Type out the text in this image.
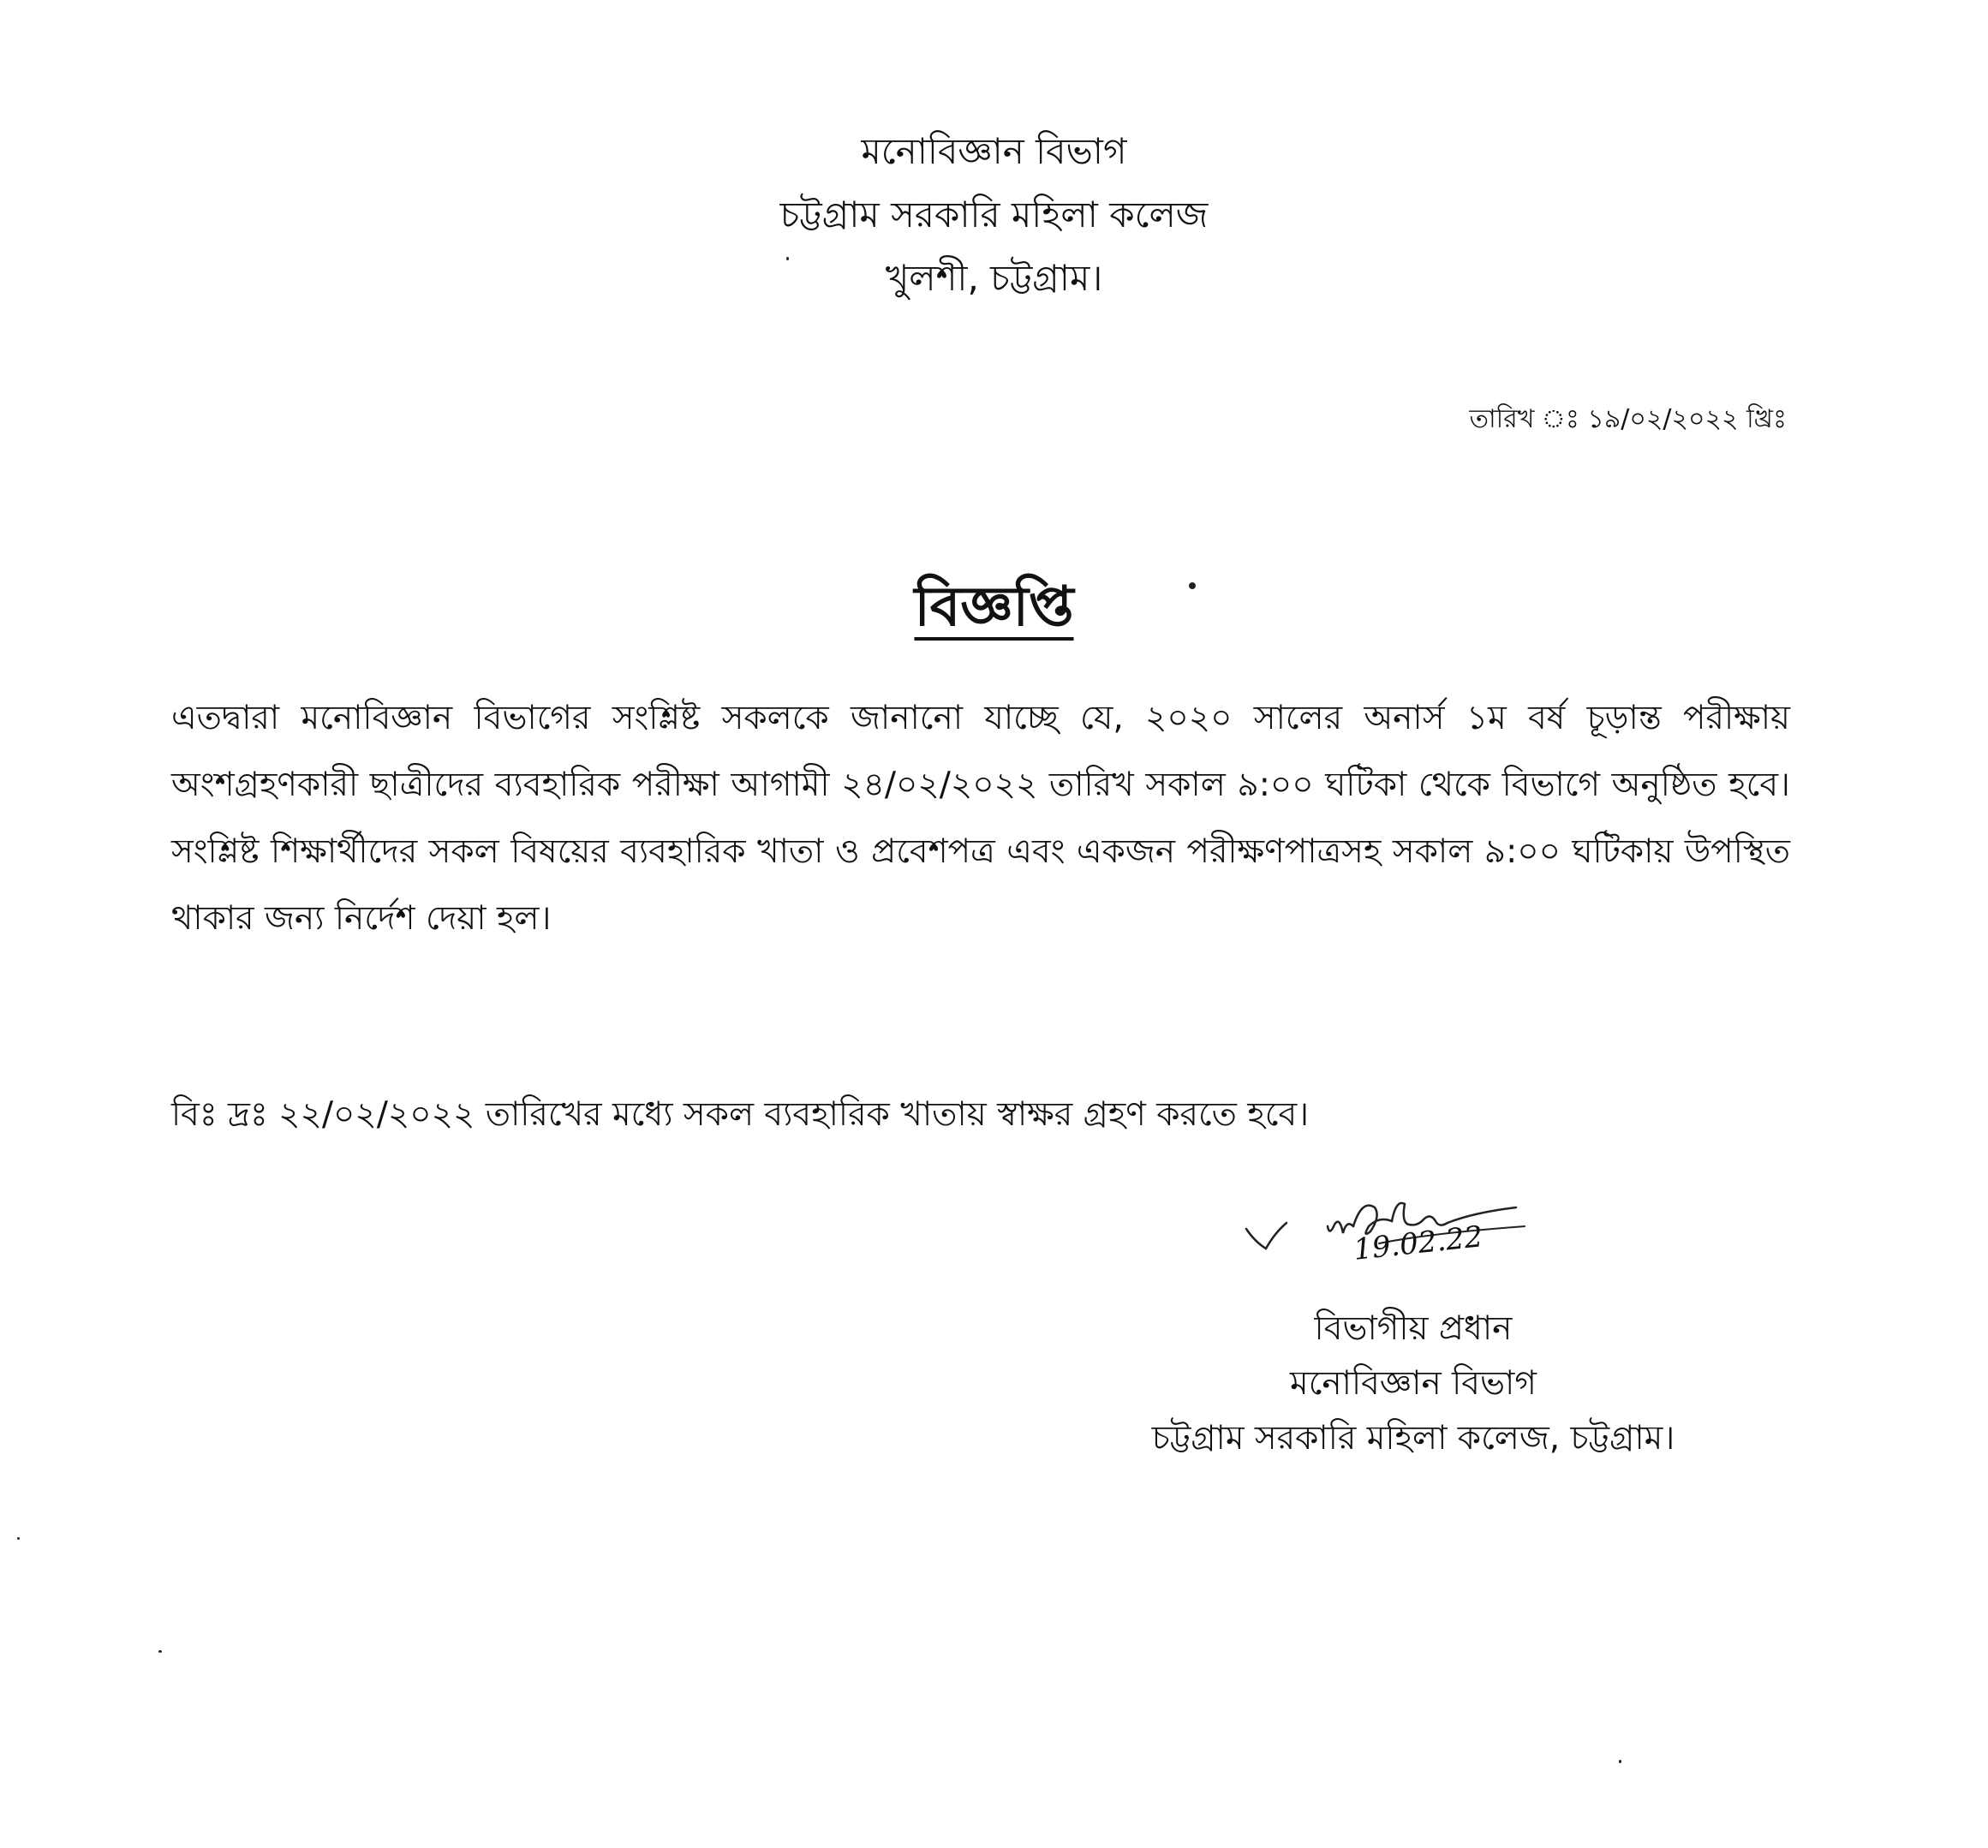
মনোবিজ্ঞান বিভাগ
চট্টগ্রাম সরকারি মহিলা কলেজ
খুলশী, চট্টগ্রাম।
তারিখ ঃ ১৯/০২/২০২২ খ্রিঃ
বিজ্ঞপ্তি
এতদ্বারা মনোবিজ্ঞান বিভাগের সংশ্লিষ্ট সকলকে জানানো যাচ্ছে যে, ২০২০ সালের অনার্স ১ম বর্ষ চূড়ান্ত পরীক্ষায় অংশগ্রহণকারী ছাত্রীদের ব্যবহারিক পরীক্ষা আগামী ২৪/০২/২০২২ তারিখ সকাল ৯:০০ ঘটিকা থেকে বিভাগে অনুষ্ঠিত হবে। সংশ্লিষ্ট শিক্ষার্থীদের সকল বিষয়ের ব্যবহারিক খাতা ও প্রবেশপত্র এবং একজন পরীক্ষণপাত্রসহ সকাল ৯:০০ ঘটিকায় উপস্থিত থাকার জন্য নির্দেশ দেয়া হল।
বিঃ দ্রঃ ২২/০২/২০২২ তারিখের মধ্যে সকল ব্যবহারিক খাতায় স্বাক্ষর গ্রহণ করতে হবে।
19.02.22
বিভাগীয় প্রধান
মনোবিজ্ঞান বিভাগ
চট্টগ্রাম সরকারি মহিলা কলেজ, চট্টগ্রাম।
